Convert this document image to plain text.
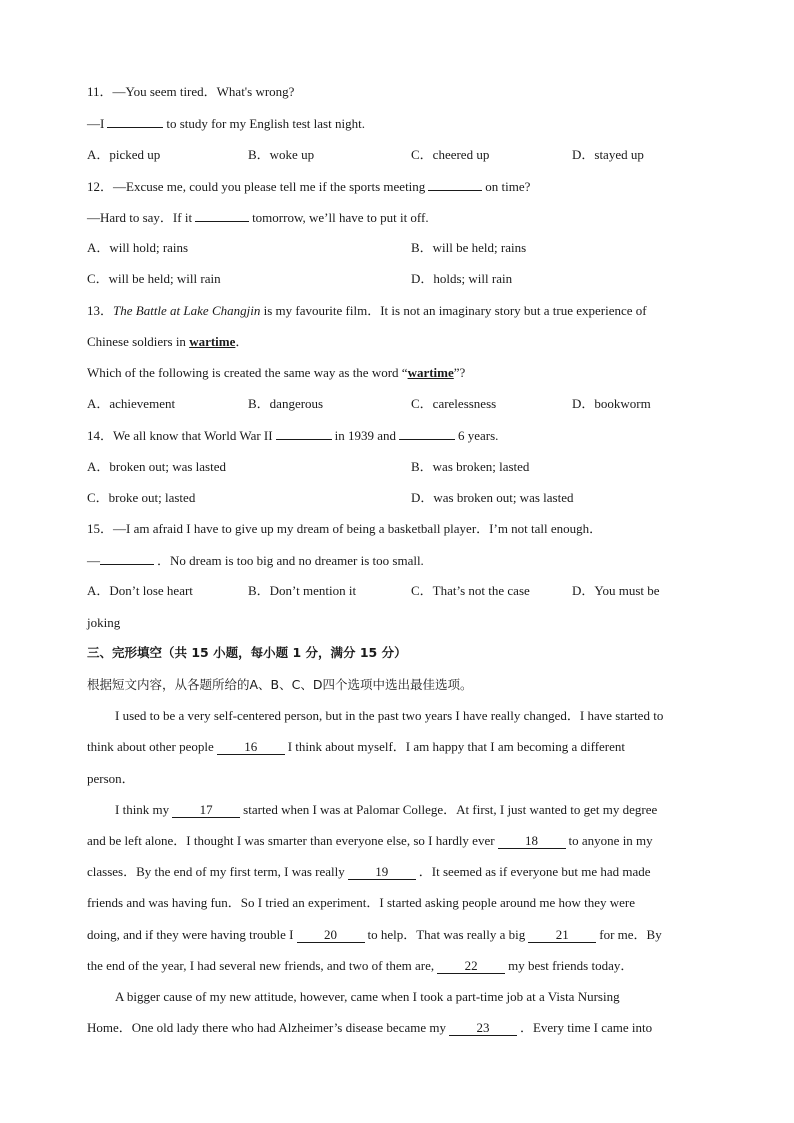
11．—You seem tired．What's wrong?
—I	to study for my English test last night.
A．picked up	B．woke up	C．cheered up	D．stayed up
12．—Excuse me, could you please tell me if the sports meeting	on time?
—Hard to say．If it	tomorrow, we’ll have to put it off.
A．will hold; rains	B．will be held; rains
C．will be held; will rain	D．holds; will rain
13．The Battle at Lake Changjin is my favourite film．It is not an imaginary story but a true experience of
Chinese soldiers in wartime．
Which of the following is created the same way as the word “wartime”?
A．achievement	B．dangerous	C．carelessness	D．bookworm
14．We all know that World War II	in 1939 and	6 years.
A．broken out; was lasted	B．was broken; lasted
C．broke out; lasted	D．was broken out; was lasted
15．—I am afraid I have to give up my dream of being a basketball player．I’m not tall enough．
—	．No dream is too big and no dreamer is too small.
A．Don’t lose heart	B．Don’t mention it	C．That’s not the case	D．You must be
joking
三、完形填空（共 15 小题，每小题 1 分，满分 15 分）
根据短文内容，从各题所给的A、B、C、D四个选项中选出最佳选项。
I used to be a very self-centered person, but in the past two years I have really changed．I have started to
think about other people 16 I think about myself．I am happy that I am becoming a different
person．
I think my 17 started when I was at Palomar College．At first, I just wanted to get my degree
and be left alone．I thought I was smarter than everyone else, so I hardly ever 18 to anyone in my
classes．By the end of my first term, I was really 19 ．It seemed as if everyone but me had made
friends and was having fun．So I tried an experiment．I started asking people around me how they were
doing, and if they were having trouble I 20 to help．That was really a big 21 for me．By
the end of the year, I had several new friends, and two of them are, 22 my best friends today．
A bigger cause of my new attitude, however, came when I took a part-time job at a Vista Nursing
Home．One old lady there who had Alzheimer’s disease became my 23 ．Every time I came into
